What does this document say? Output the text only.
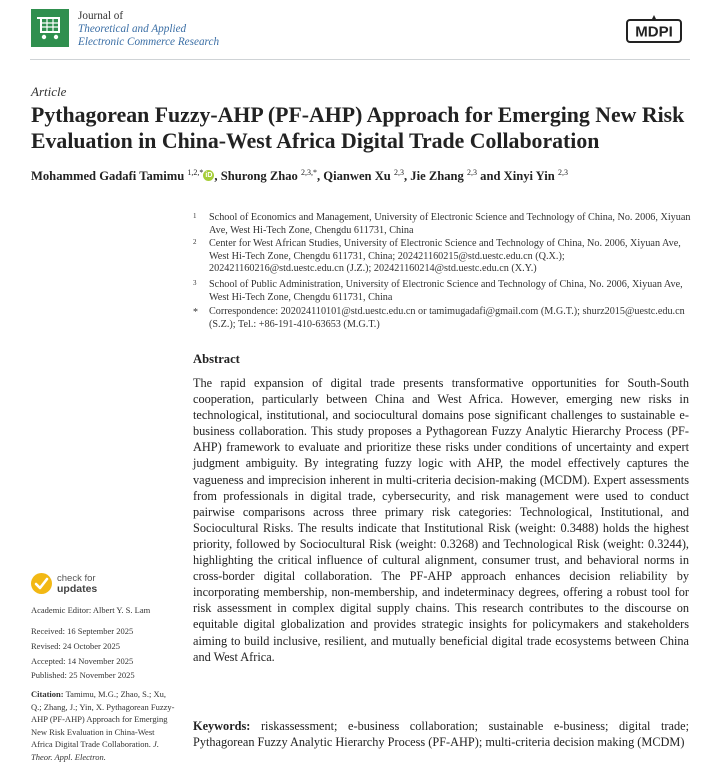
Journal of
Theoretical and Applied
Electronic Commerce Research
MDPI
Article
Pythagorean Fuzzy-AHP (PF-AHP) Approach for Emerging New Risk Evaluation in China-West Africa Digital Trade Collaboration
Mohammed Gadafi Tamimu $^{1,2,*}$ iD , Shurong Zhao $^{2,3,*}$, Qianwen Xu $^{2,3}$, Jie Zhang $^{2,3}$ and Xinyi Yin $^{2,3}$
1 School of Economics and Management, University of Electronic Science and Technology of China, No. 2006, Xiyuan Ave, West Hi-Tech Zone, Chengdu 611731, China
2 Center for West African Studies, University of Electronic Science and Technology of China, No. 2006, Xiyuan Ave, West Hi-Tech Zone, Chengdu 611731, China; 202421160215@std.uestc.edu.cn (Q.X.); 202421160216@std.uestc.edu.cn (J.Z.); 202421160214@std.uestc.edu.cn (X.Y.)
3 School of Public Administration, University of Electronic Science and Technology of China, No. 2006, Xiyuan Ave, West Hi-Tech Zone, Chengdu 611731, China
* Correspondence: 202024110101@std.uestc.edu.cn or tamimugadafi@gmail.com (M.G.T.); shurz2015@uestc.edu.cn (S.Z.); Tel.: +86-191-410-63653 (M.G.T.)
Abstract
The rapid expansion of digital trade presents transformative opportunities for South-South cooperation, particularly between China and West Africa. However, emerging new risks in technological, institutional, and sociocultural domains pose significant challenges to sustainable e-business collaboration. This study proposes a Pythagorean Fuzzy Analytic Hierarchy Process (PF-AHP) framework to evaluate and prioritize these risks under conditions of uncertainty and expert judgment ambiguity. By integrating fuzzy logic with AHP, the model effectively captures the vagueness and imprecision inherent in multi-criteria decision-making (MCDM). Expert assessments from professionals in digital trade, cybersecurity, and risk management were used to conduct pairwise comparisons across three primary risk categories: Technological, Institutional, and Sociocultural Risks. The results indicate that Institutional Risk (weight: 0.3488) holds the highest priority, followed by Sociocultural Risk (weight: 0.3268) and Technological Risk (weight: 0.3244), highlighting the critical influence of cultural alignment, consumer trust, and behavioral norms in cross-border digital collaboration. The PF-AHP approach enhances decision reliability by incorporating membership, non-membership, and indeterminacy degrees, offering a robust tool for risk assessment in complex digital supply chains. This research contributes to the discourse on equitable digital globalization and provides strategic insights for policymakers and stakeholders aiming to build inclusive, resilient, and mutually beneficial digital trade ecosystems between China and West Africa.
Keywords: riskassessment; e-business collaboration; sustainable e-business; digital trade; Pythagorean Fuzzy Analytic Hierarchy Process (PF-AHP); multi-criteria decision making (MCDM)
check for
updates
Academic Editor: Albert Y. S. Lam
Received: 16 September 2025
Revised: 24 October 2025
Accepted: 14 November 2025
Published: 25 November 2025
Citation: Tamimu, M.G.; Zhao, S.; Xu, Q.; Zhang, J.; Yin, X. Pythagorean Fuzzy-AHP (PF-AHP) Approach for Emerging New Risk Evaluation in China-West Africa Digital Trade Collaboration. J. Theor. Appl. Electron.
